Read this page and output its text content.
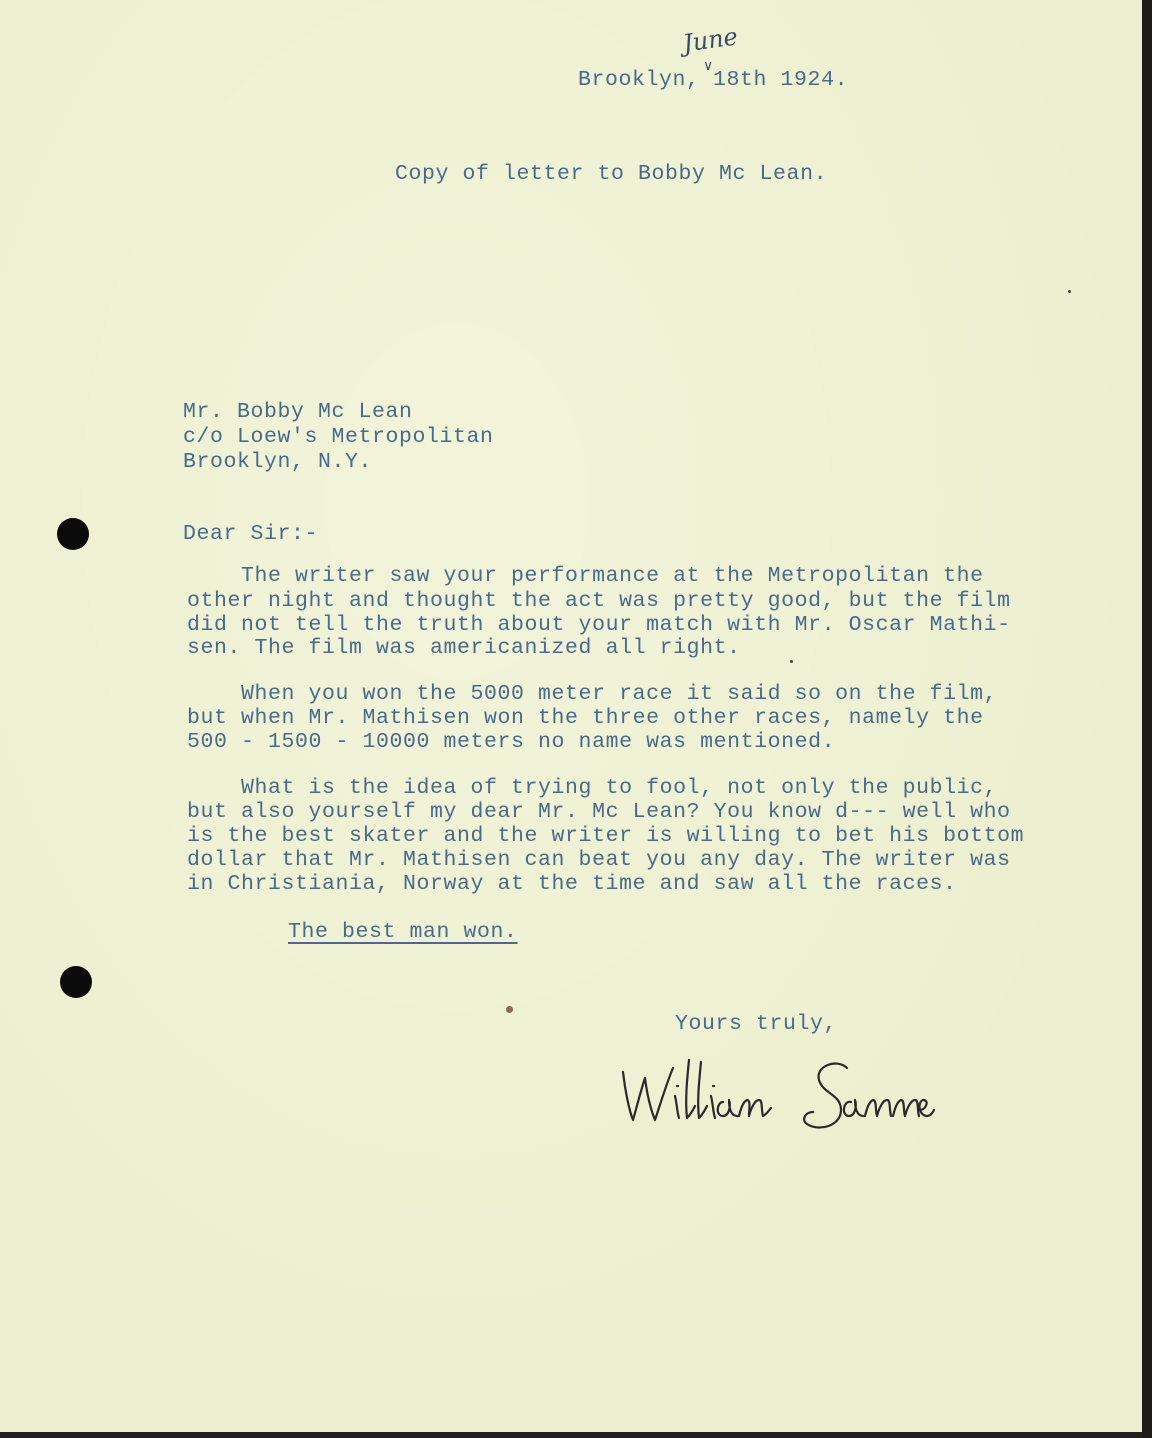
Brooklyn, 18th 1924.
June
∨
Copy of letter to Bobby Mc Lean.
Mr. Bobby Mc Lean
c/o Loew's Metropolitan
Brooklyn, N.Y.
Dear Sir:-
The writer saw your performance at the Metropolitan the
other night and thought the act was pretty good, but the film
did not tell the truth about your match with Mr. Oscar Mathi-
sen. The film was americanized all right.
When you won the 5000 meter race it said so on the film,
but when Mr. Mathisen won the three other races, namely the
500 - 1500 - 10000 meters no name was mentioned.
What is the idea of trying to fool, not only the public,
but also yourself my dear Mr. Mc Lean? You know d--- well who
is the best skater and the writer is willing to bet his bottom
dollar that Mr. Mathisen can beat you any day. The writer was
in Christiania, Norway at the time and saw all the races.
The best man won.
Yours truly,
